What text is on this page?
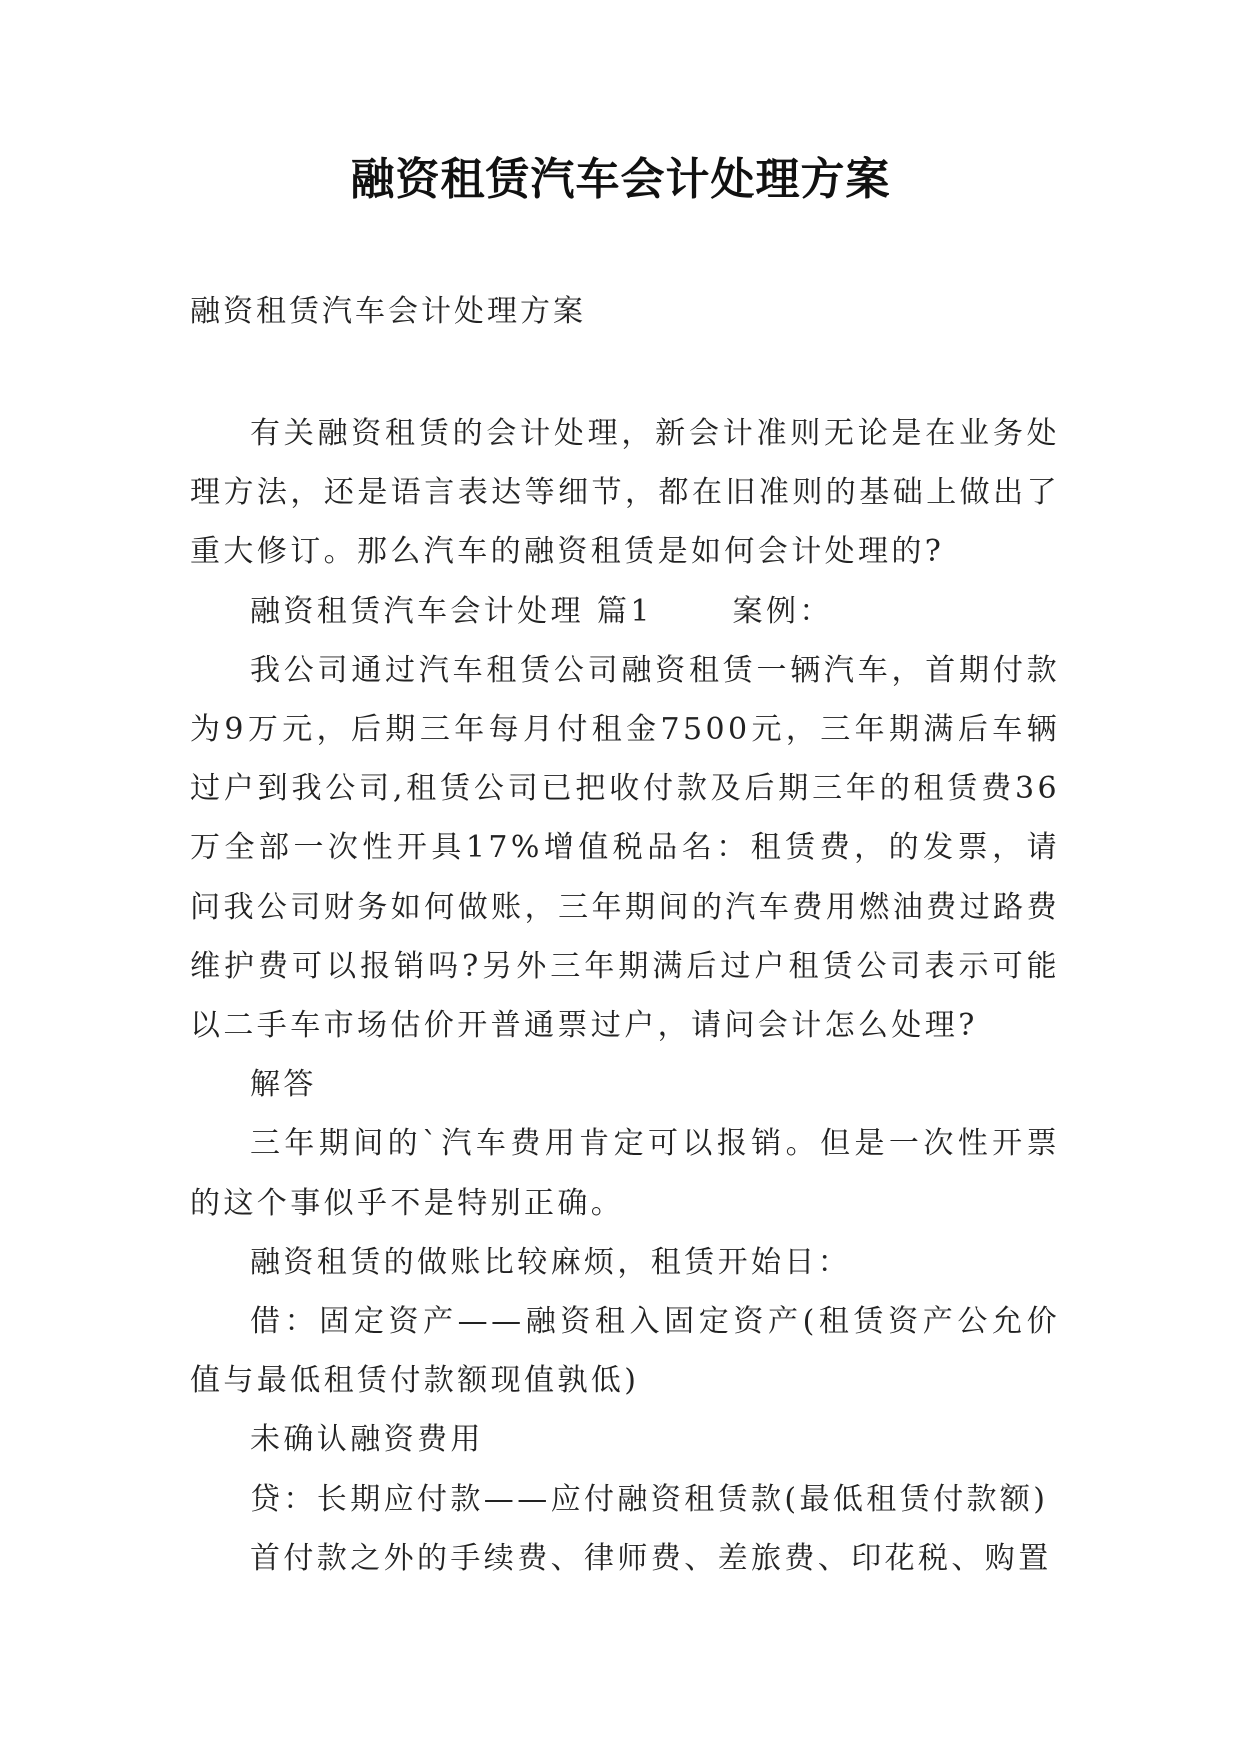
融资租赁汽车会计处理方案
融资租赁汽车会计处理方案

有关融资租赁的会计处理，新会计准则无论是在业务处理方法，还是语言表达等细节，都在旧准则的基础上做出了重大修订。那么汽车的融资租赁是如何会计处理的?

融资租赁汽车会计处理 篇1 　　案例：

我公司通过汽车租赁公司融资租赁一辆汽车，首期付款为9万元，后期三年每月付租金7500元，三年期满后车辆过户到我公司,租赁公司已把收付款及后期三年的租赁费36万全部一次性开具17%增值税品名：租赁费，的发票，请问我公司财务如何做账，三年期间的汽车费用燃油费过路费维护费可以报销吗?另外三年期满后过户租赁公司表示可能以二手车市场估价开普通票过户，请问会计怎么处理?

解答

三年期间的`汽车费用肯定可以报销。但是一次性开票的这个事似乎不是特别正确。

融资租赁的做账比较麻烦，租赁开始日：

借：固定资产——融资租入固定资产(租赁资产公允价值与最低租赁付款额现值孰低)

未确认融资费用

贷：长期应付款——应付融资租赁款(最低租赁付款额)

首付款之外的手续费、律师费、差旅费、印花税、购置
